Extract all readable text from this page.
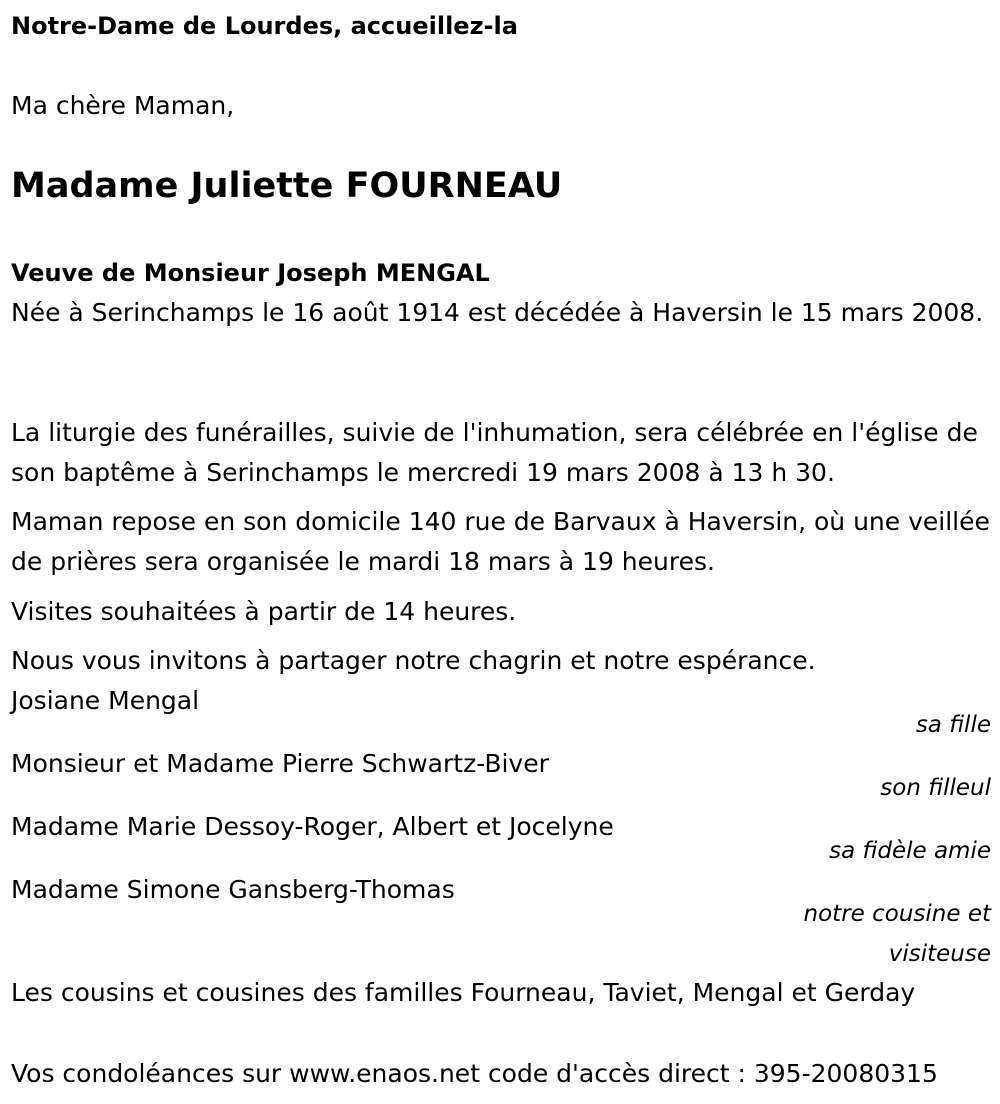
Notre-Dame de Lourdes, accueillez-la
Ma chère Maman,
Madame Juliette FOURNEAU
Veuve de Monsieur Joseph MENGAL
Née à Serinchamps le 16 août 1914 est décédée à Haversin le 15 mars 2008.
La liturgie des funérailles, suivie de l'inhumation, sera célébrée en l'église de son baptême à Serinchamps le mercredi 19 mars 2008 à 13 h 30.
Maman repose en son domicile 140 rue de Barvaux à Haversin, où une veillée de prières sera organisée le mardi 18 mars à 19 heures.
Visites souhaitées à partir de 14 heures.
Nous vous invitons à partager notre chagrin et notre espérance.
Josiane Mengal
sa fille
Monsieur et Madame Pierre Schwartz-Biver
son filleul
Madame Marie Dessoy-Roger, Albert et Jocelyne
sa fidèle amie
Madame Simone Gansberg-Thomas
notre cousine et visiteuse
Les cousins et cousines des familles Fourneau, Taviet, Mengal et Gerday
Vos condoléances sur www.enaos.net code d'accès direct : 395-20080315
